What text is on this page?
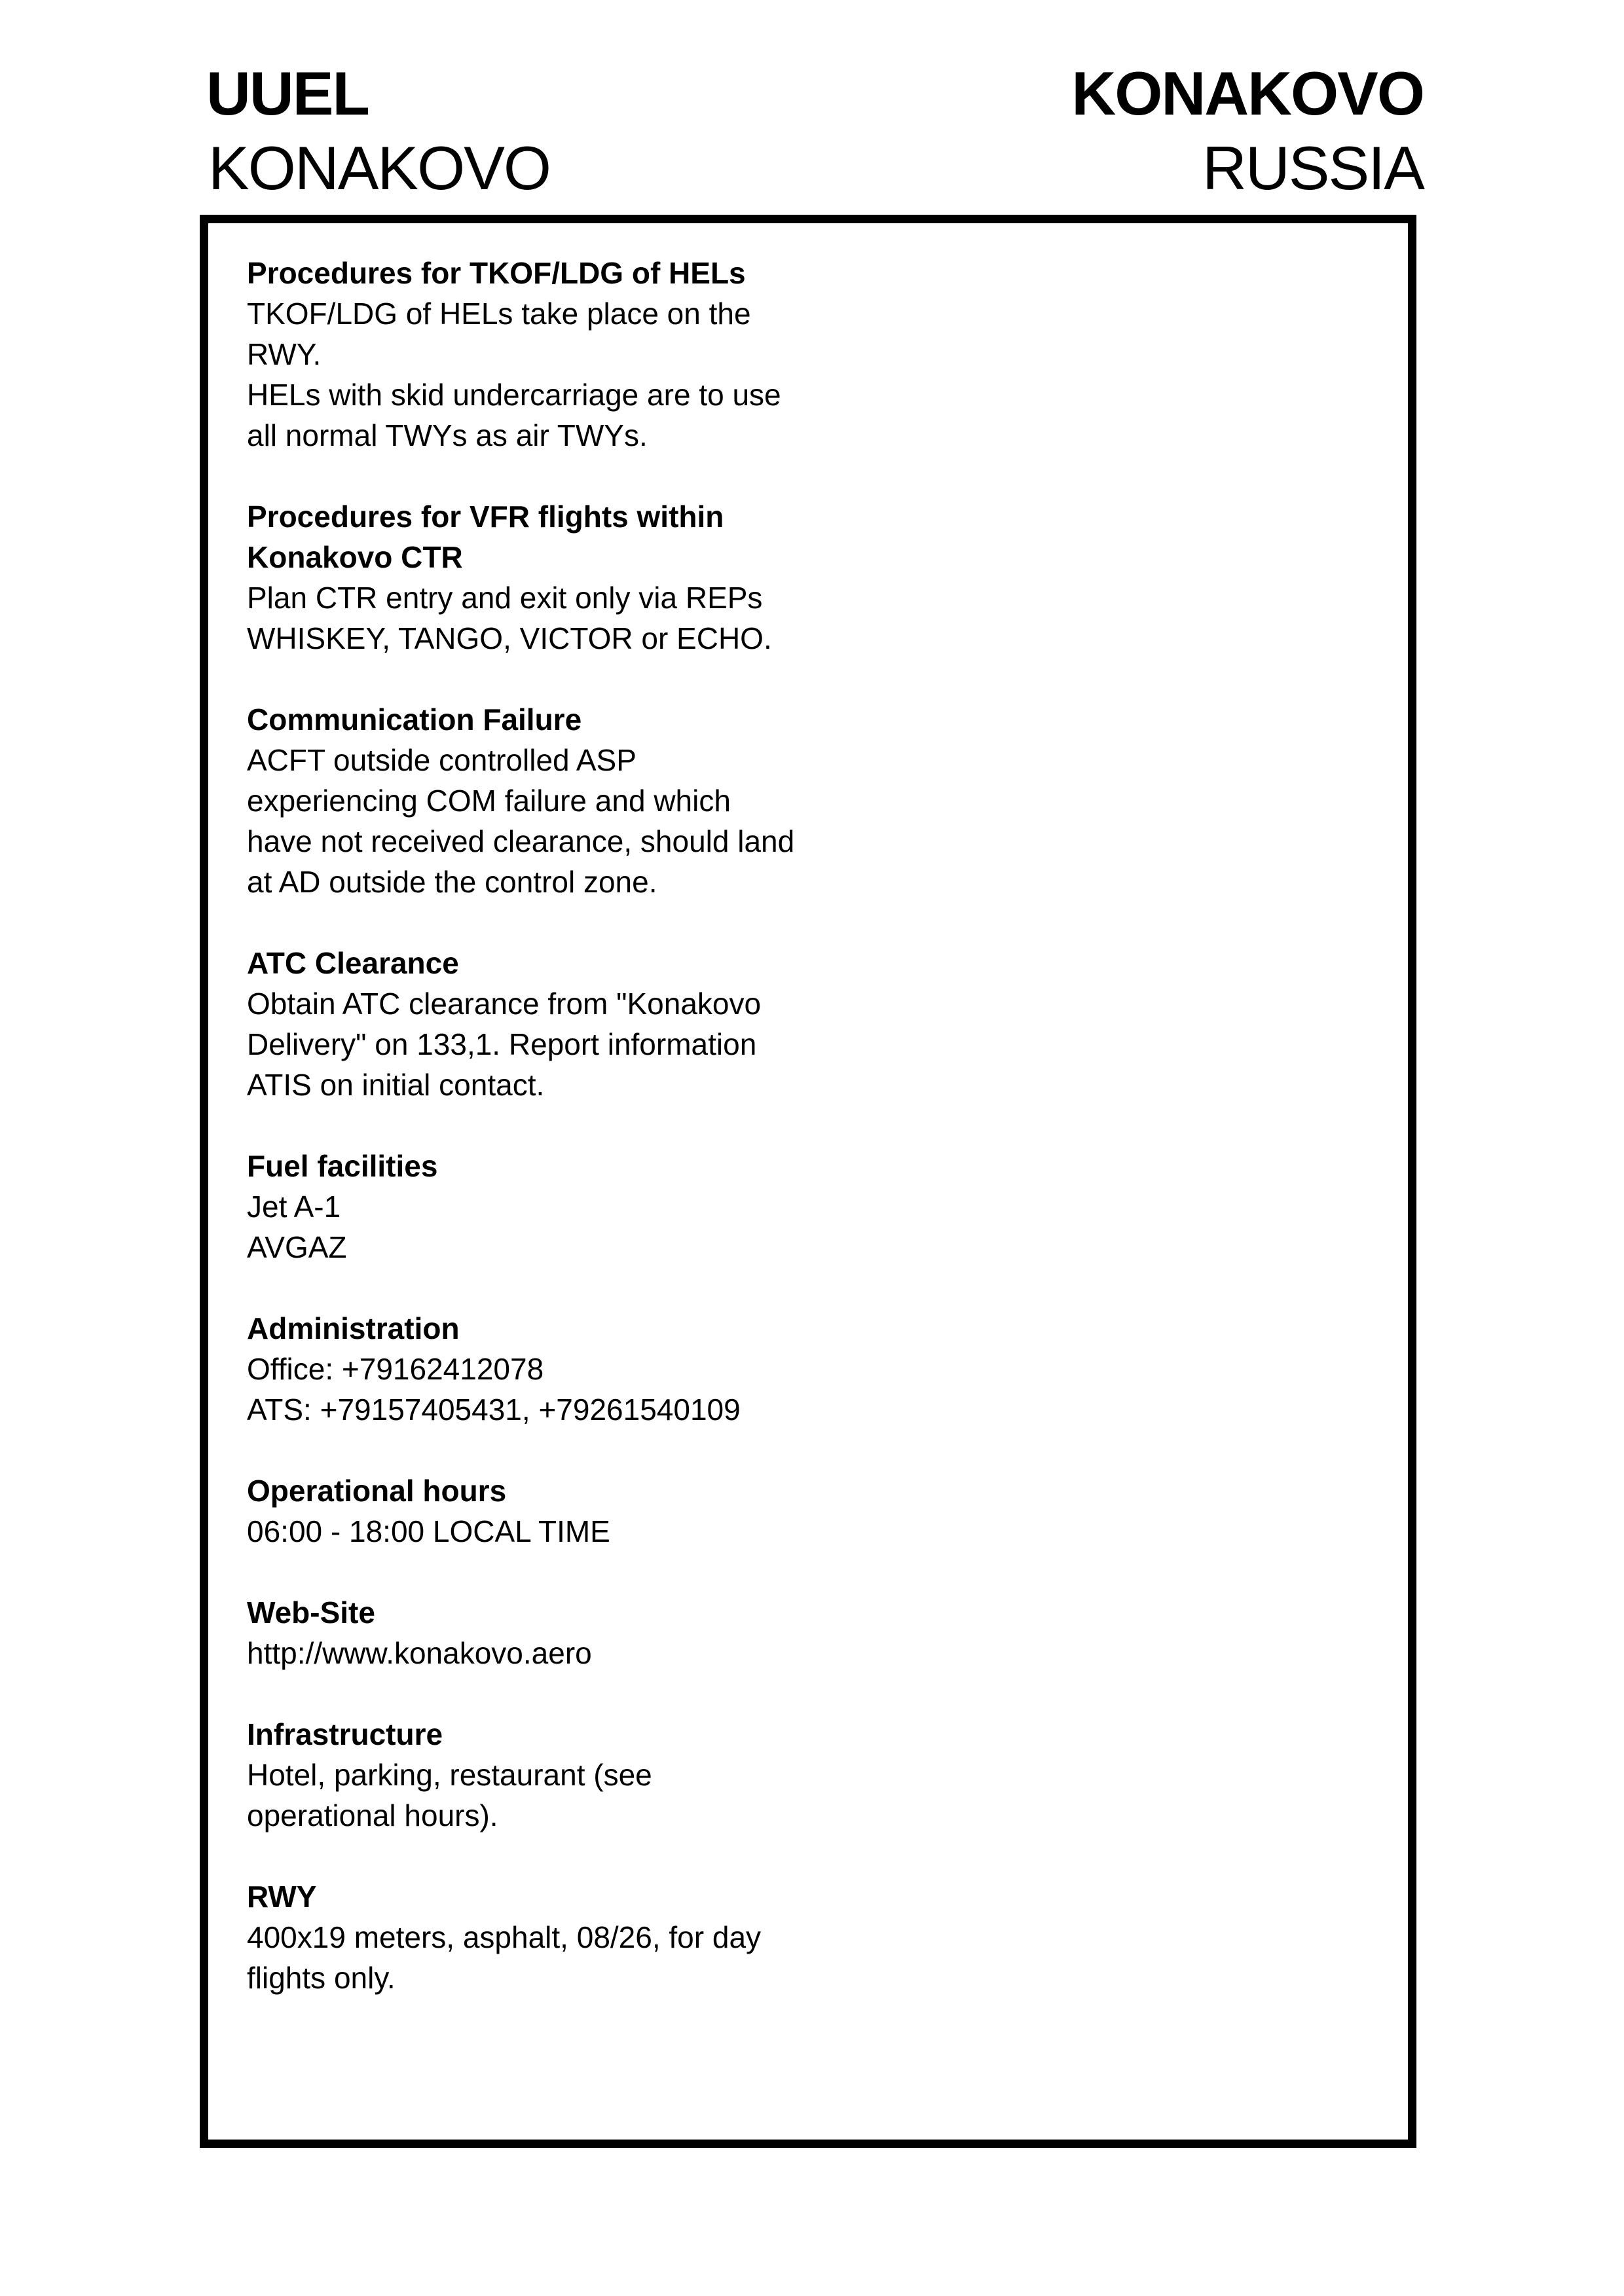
UUEL
KONAKOVO
KONAKOVO
RUSSIA
Procedures for TKOF/LDG of HELs
TKOF/LDG of HELs take place on the
RWY.
HELs with skid undercarriage are to use
all normal TWYs as air TWYs.
Procedures for VFR flights within
Konakovo CTR
Plan CTR entry and exit only via REPs
WHISKEY, TANGO, VICTOR or ECHO.
Communication Failure
ACFT outside controlled ASP
experiencing COM failure and which
have not received clearance, should land
at AD outside the control zone.
ATC Clearance
Obtain ATC clearance from "Konakovo
Delivery" on 133,1. Report information
ATIS on initial contact.
Fuel facilities
Jet A-1
AVGAZ
Administration
Office: +79162412078
ATS: +79157405431, +79261540109
Operational hours
06:00 - 18:00 LOCAL TIME
Web-Site
http://www.konakovo.aero
Infrastructure
Hotel, parking, restaurant (see
operational hours).
RWY
400x19 meters, asphalt, 08/26, for day
flights only.
